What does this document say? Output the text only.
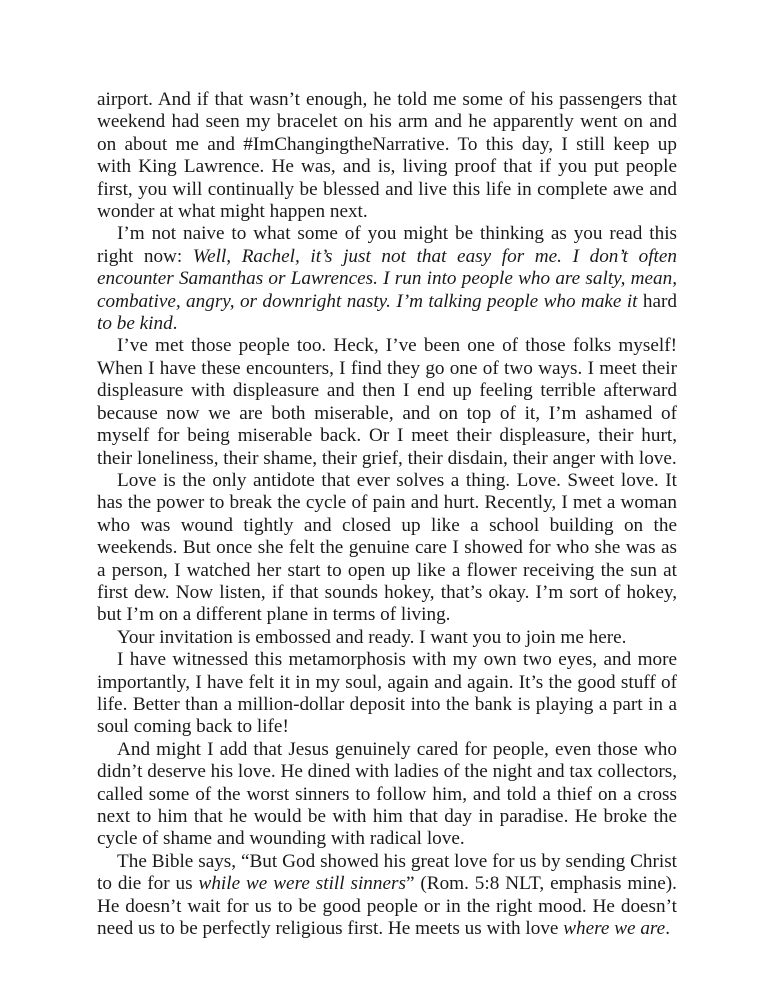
airport. And if that wasn’t enough, he told me some of his passengers that weekend had seen my bracelet on his arm and he apparently went on and on about me and #ImChangingtheNarrative. To this day, I still keep up with King Lawrence. He was, and is, living proof that if you put people first, you will continually be blessed and live this life in complete awe and wonder at what might happen next.

I’m not naive to what some of you might be thinking as you read this right now: Well, Rachel, it’s just not that easy for me. I don’t often encounter Samanthas or Lawrences. I run into people who are salty, mean, combative, angry, or downright nasty. I’m talking people who make it hard to be kind.

I’ve met those people too. Heck, I’ve been one of those folks myself! When I have these encounters, I find they go one of two ways. I meet their displeasure with displeasure and then I end up feeling terrible afterward because now we are both miserable, and on top of it, I’m ashamed of myself for being miserable back. Or I meet their displeasure, their hurt, their loneliness, their shame, their grief, their disdain, their anger with love.

Love is the only antidote that ever solves a thing. Love. Sweet love. It has the power to break the cycle of pain and hurt. Recently, I met a woman who was wound tightly and closed up like a school building on the weekends. But once she felt the genuine care I showed for who she was as a person, I watched her start to open up like a flower receiving the sun at first dew. Now listen, if that sounds hokey, that’s okay. I’m sort of hokey, but I’m on a different plane in terms of living.

Your invitation is embossed and ready. I want you to join me here.

I have witnessed this metamorphosis with my own two eyes, and more importantly, I have felt it in my soul, again and again. It’s the good stuff of life. Better than a million-dollar deposit into the bank is playing a part in a soul coming back to life!

And might I add that Jesus genuinely cared for people, even those who didn’t deserve his love. He dined with ladies of the night and tax collectors, called some of the worst sinners to follow him, and told a thief on a cross next to him that he would be with him that day in paradise. He broke the cycle of shame and wounding with radical love.

The Bible says, “But God showed his great love for us by sending Christ to die for us while we were still sinners” (Rom. 5:8 NLT, emphasis mine). He doesn’t wait for us to be good people or in the right mood. He doesn’t need us to be perfectly religious first. He meets us with love where we are.
